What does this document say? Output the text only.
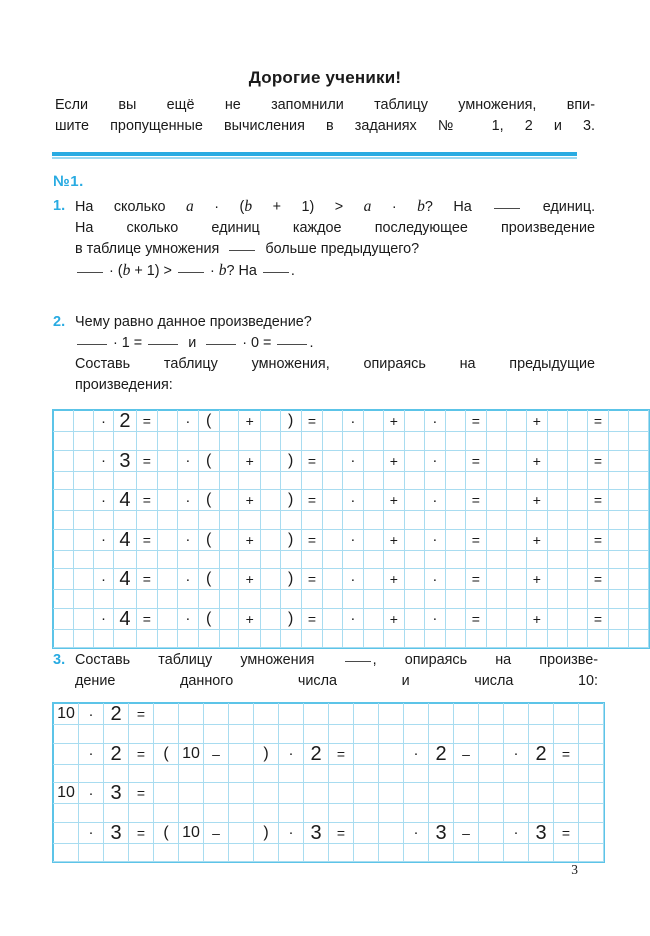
Дорогие ученики!
Если вы ещё не запомнили таблицу умножения, впи-
шите пропущенные вычисления в заданиях № 1, 2 и 3.
№1.
1. На сколько a · (b + 1) > a · b? На	единиц.
На сколько единиц каждое последующее произведение
в таблице умножения	больше предыдущего?
· (b + 1) >	· b? На .
2. Чему равно данное произведение?
· 1 =	и	· 0 =	.
Составь таблицу умножения, опираясь на предыдущие
произведения:
		·	2	=		·	(		+		)	=		·		+		·		=			+			=		

		·	3	=		·	(		+		)	=		·		+		·		=			+			=		

		·	4	=		·	(		+		)	=		·		+		·		=			+			=		

		·	4	=		·	(		+		)	=		·		+		·		=			+			=		

		·	4	=		·	(		+		)	=		·		+		·		=			+			=		

		·	4	=		·	(		+		)	=		·		+		·		=			+			=		

3. Составь таблицу умножения	, опираясь на произве-
дение данного числа и числа 10:
10	·	2	=																		

	·	2	=	(	10	–		)	·	2	=			·	2	–		·	2	=	

10	·	3	=																		

	·	3	=	(	10	–		)	·	3	=			·	3	–		·	3	=	

3
